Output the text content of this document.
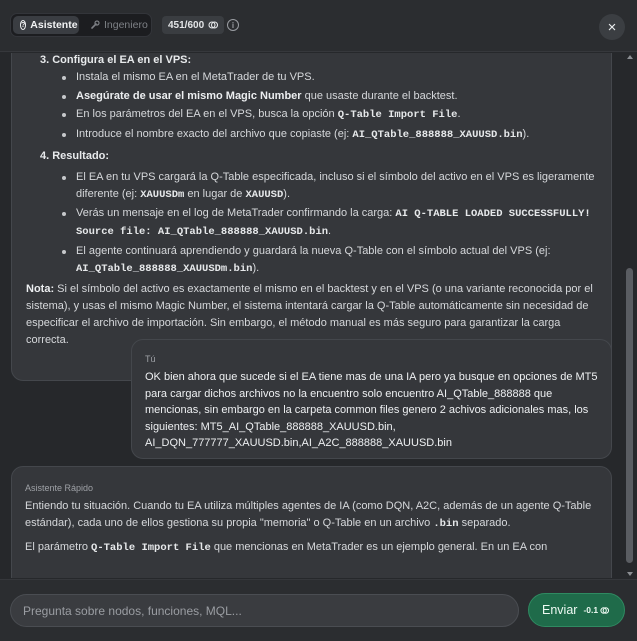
? Asistente	Ingeniero 451/600	i	×
3. Configura el EA en el VPS:
Instala el mismo EA en el MetaTrader de tu VPS.
Asegúrate de usar el mismo Magic Number que usaste durante el backtest.
En los parámetros del EA en el VPS, busca la opción Q-Table Import File.
Introduce el nombre exacto del archivo que copiaste (ej: AI_QTable_888888_XAUUSD.bin).
4. Resultado:
El EA en tu VPS cargará la Q-Table especificada, incluso si el símbolo del activo en el VPS es ligeramente
diferente (ej: XAUUSDm en lugar de XAUUSD).
Verás un mensaje en el log de MetaTrader confirmando la carga: AI Q-TABLE LOADED SUCCESSFULLY!
Source file: AI_QTable_888888_XAUUSD.bin.
El agente continuará aprendiendo y guardará la nueva Q-Table con el símbolo actual del VPS (ej:
AI_QTable_888888_XAUUSDm.bin).
Nota: Si el símbolo del activo es exactamente el mismo en el backtest y en el VPS (o una variante reconocida por el sistema), y usas el mismo Magic Number, el sistema intentará cargar la Q-Table automáticamente sin necesidad de especificar el archivo de importación. Sin embargo, el método manual es más seguro para garantizar la carga correcta.
Tú
OK bien ahora que sucede si el EA tiene mas de una IA pero ya busque en opciones de MT5 para cargar dichos archivos no la encuentro solo encuentro AI_QTable_888888 que mencionas, sin embargo en la carpeta common files genero 2 achivos adicionales mas, los siguientes: MT5_AI_QTable_888888_XAUUSD.bin, AI_DQN_777777_XAUUSD.bin,AI_A2C_888888_XAUUSD.bin
Asistente Rápido
Entiendo tu situación. Cuando tu EA utiliza múltiples agentes de IA (como DQN, A2C, además de un agente Q-Table estándar), cada uno de ellos gestiona su propia "memoria" o Q-Table en un archivo .bin separado.
El parámetro Q-Table Import File que mencionas en MetaTrader es un ejemplo general. En un EA con
Pregunta sobre nodos, funciones, MQL...
Enviar -0.1
